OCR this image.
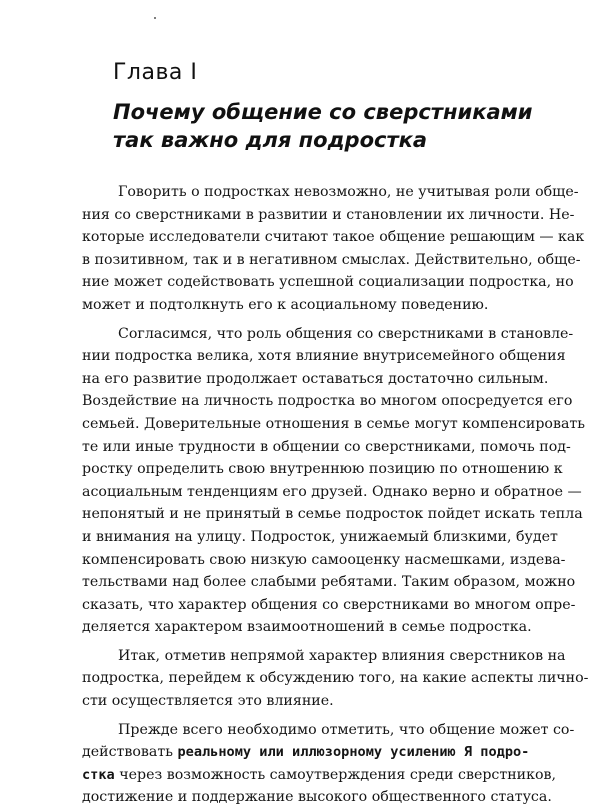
Глава I
Почему общение со сверстниками
так важно для подростка
Говорить о подростках невозможно, не учитывая роли обще-
ния со сверстниками в развитии и становлении их личности. Не-
которые исследователи считают такое общение решающим — как
в позитивном, так и в негативном смыслах. Действительно, обще-
ние может содействовать успешной социализации подростка, но
может и подтолкнуть его к асоциальному поведению.
Согласимся, что роль общения со сверстниками в становле-
нии подростка велика, хотя влияние внутрисемейного общения
на его развитие продолжает оставаться достаточно сильным.
Воздействие на личность подростка во многом опосредуется его
семьей. Доверительные отношения в семье могут компенсировать
те или иные трудности в общении со сверстниками, помочь под-
ростку определить свою внутреннюю позицию по отношению к
асоциальным тенденциям его друзей. Однако верно и обратное —
непонятый и не принятый в семье подросток пойдет искать тепла
и внимания на улицу. Подросток, унижаемый близкими, будет
компенсировать свою низкую самооценку насмешками, издева-
тельствами над более слабыми ребятами. Таким образом, можно
сказать, что характер общения со сверстниками во многом опре-
деляется характером взаимоотношений в семье подростка.
Итак, отметив непрямой характер влияния сверстников на
подростка, перейдем к обсуждению того, на какие аспекты лично-
сти осуществляется это влияние.
Прежде всего необходимо отметить, что общение может со-
действовать реальному или иллюзорному усилению Я подро-
стка через возможность самоутверждения среди сверстников,
достижение и поддержание высокого общественного статуса.
